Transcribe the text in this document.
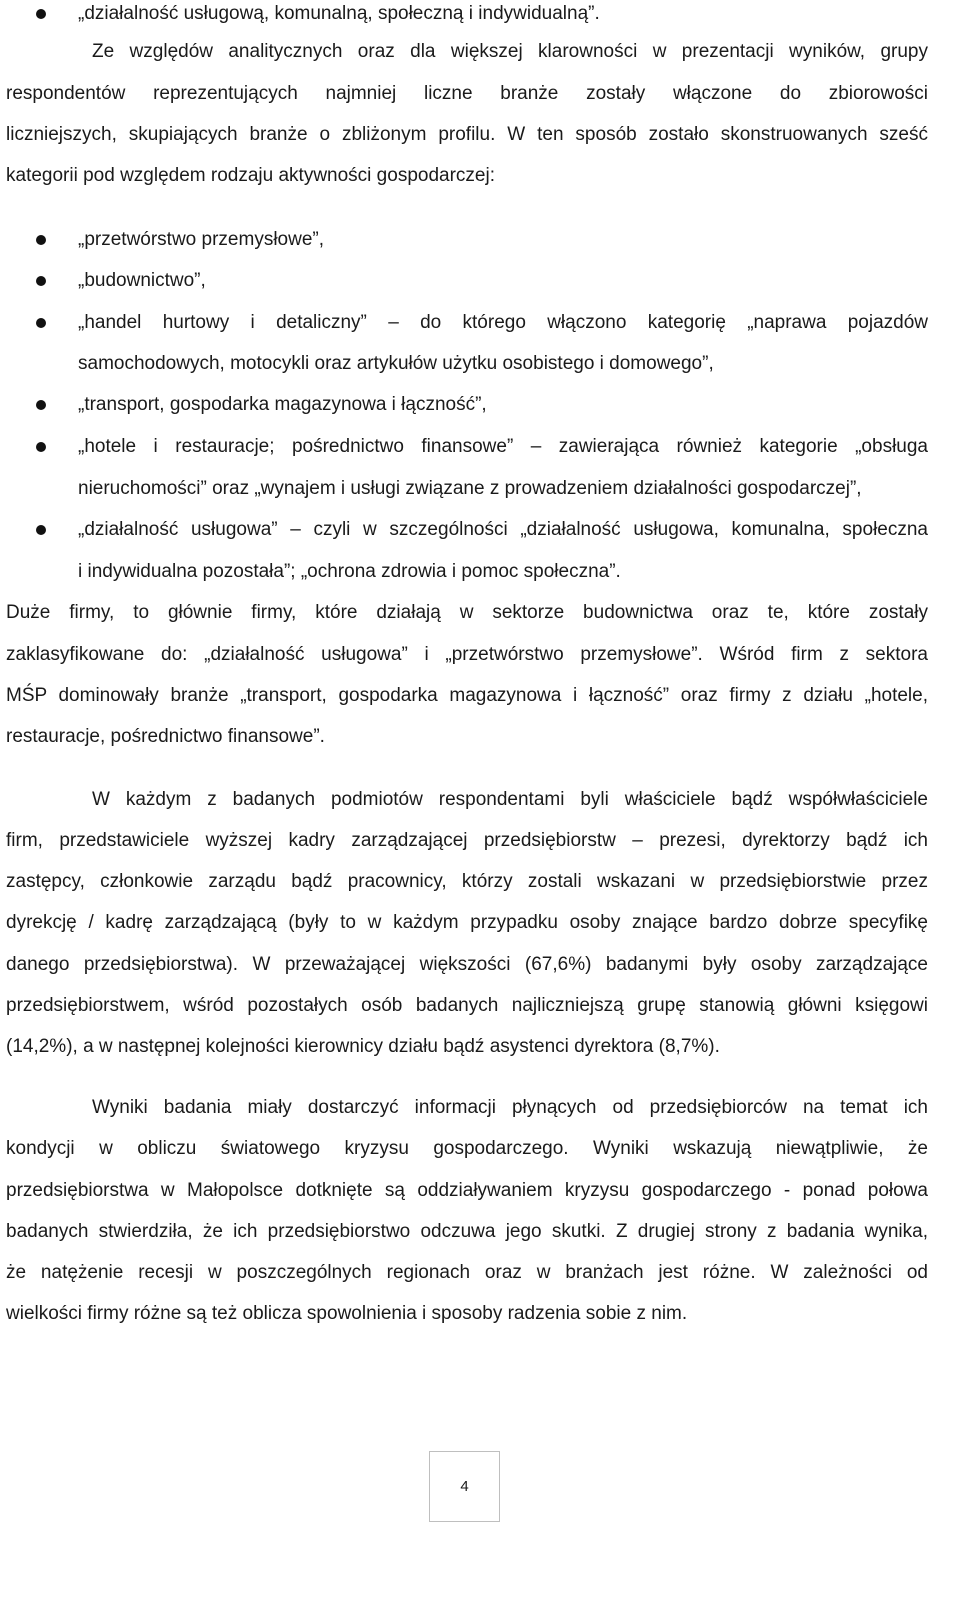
„działalność usługową, komunalną, społeczną i indywidualną”.
Ze względów analitycznych oraz dla większej klarowności w prezentacji wyników, grupy
respondentów reprezentujących najmniej liczne branże zostały włączone do zbiorowości
liczniejszych, skupiających branże o zbliżonym profilu. W ten sposób zostało skonstruowanych sześć
kategorii pod względem rodzaju aktywności gospodarczej:
„przetwórstwo przemysłowe”,
„budownictwo”,
„handel hurtowy i detaliczny” – do którego włączono kategorię „naprawa pojazdów
samochodowych, motocykli oraz artykułów użytku osobistego i domowego”,
„transport, gospodarka magazynowa i łączność”,
„hotele i restauracje; pośrednictwo finansowe” – zawierająca również kategorie „obsługa
nieruchomości” oraz „wynajem i usługi związane z prowadzeniem działalności gospodarczej”,
„działalność usługowa” – czyli w szczególności „działalność usługowa, komunalna, społeczna
i indywidualna pozostała”; „ochrona zdrowia i pomoc społeczna”.
Duże firmy, to głównie firmy, które działają w sektorze budownictwa oraz te, które zostały
zaklasyfikowane do: „działalność usługowa” i „przetwórstwo przemysłowe”. Wśród firm z sektora
MŚP dominowały branże „transport, gospodarka magazynowa i łączność” oraz firmy z działu „hotele,
restauracje, pośrednictwo finansowe”.
W każdym z badanych podmiotów respondentami byli właściciele bądź współwłaściciele
firm, przedstawiciele wyższej kadry zarządzającej przedsiębiorstw – prezesi, dyrektorzy bądź ich
zastępcy, członkowie zarządu bądź pracownicy, którzy zostali wskazani w przedsiębiorstwie przez
dyrekcję / kadrę zarządzającą (były to w każdym przypadku osoby znające bardzo dobrze specyfikę
danego przedsiębiorstwa). W przeważającej większości (67,6%) badanymi były osoby zarządzające
przedsiębiorstwem, wśród pozostałych osób badanych najliczniejszą grupę stanowią główni księgowi
(14,2%), a w następnej kolejności kierownicy działu bądź asystenci dyrektora (8,7%).
Wyniki badania miały dostarczyć informacji płynących od przedsiębiorców na temat ich
kondycji w obliczu światowego kryzysu gospodarczego. Wyniki wskazują niewątpliwie, że
przedsiębiorstwa w Małopolsce dotknięte są oddziaływaniem kryzysu gospodarczego - ponad połowa
badanych stwierdziła, że ich przedsiębiorstwo odczuwa jego skutki. Z drugiej strony z badania wynika,
że natężenie recesji w poszczególnych regionach oraz w branżach jest różne. W zależności od
wielkości firmy różne są też oblicza spowolnienia i sposoby radzenia sobie z nim.
4
